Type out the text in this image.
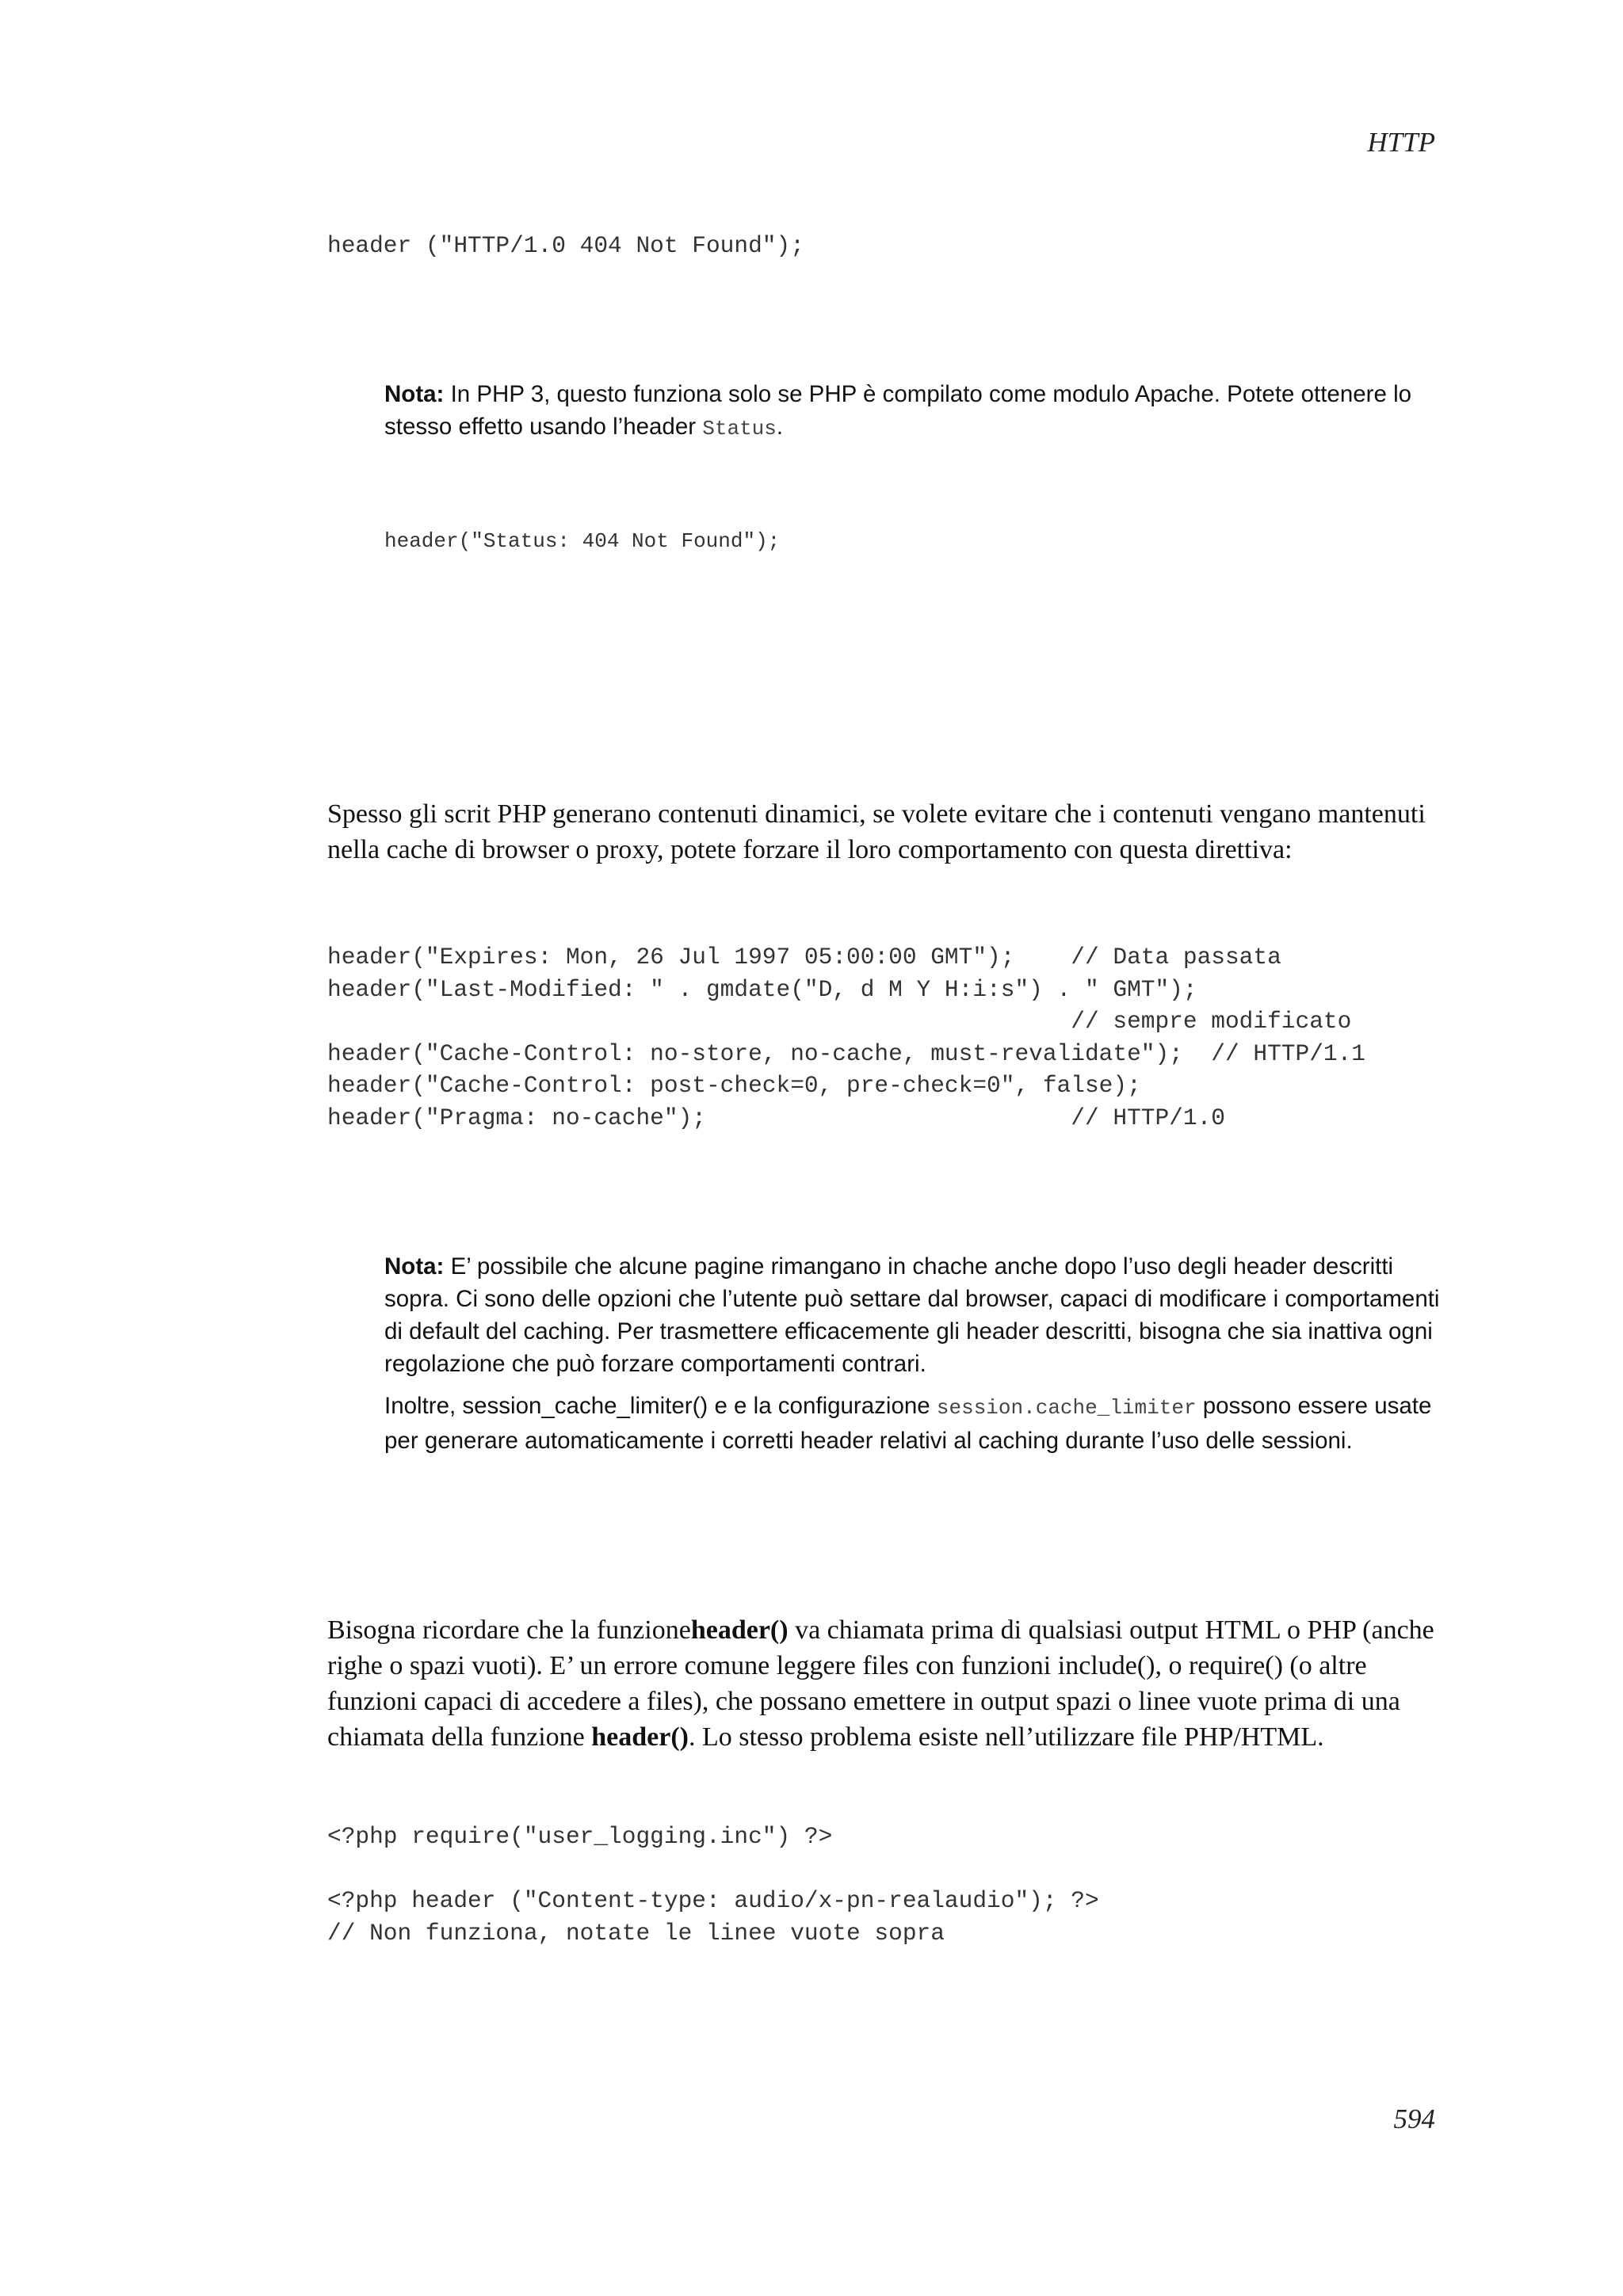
HTTP
header ("HTTP/1.0 404 Not Found");

Nota: In PHP 3, questo funziona solo se PHP è compilato come modulo Apache. Potete ottenere lo stesso effetto usando l’header Status.

header("Status: 404 Not Found");

Spesso gli scrit PHP generano contenuti dinamici, se volete evitare che i contenuti vengano mantenuti nella cache di browser o proxy, potete forzare il loro comportamento con questa direttiva:

header("Expires: Mon, 26 Jul 1997 05:00:00 GMT");    // Data passata
header("Last-Modified: " . gmdate("D, d M Y H:i:s") . " GMT");
// sempre modificato
header("Cache-Control: no-store, no-cache, must-revalidate");  // HTTP/1.1
header("Cache-Control: post-check=0, pre-check=0", false);
header("Pragma: no-cache");                          // HTTP/1.0

Nota: E’ possibile che alcune pagine rimangano in chache anche dopo l’uso degli header descritti sopra. Ci sono delle opzioni che l’utente può settare dal browser, capaci di modificare i comportamenti di default del caching. Per trasmettere efficacemente gli header descritti, bisogna che sia inattiva ogni regolazione che può forzare comportamenti contrari.

Inoltre, session_cache_limiter() e e la configurazione session.cache_limiter possono essere usate per generare automaticamente i corretti header relativi al caching durante l’uso delle sessioni.

Bisogna ricordare che la funzioneheader() va chiamata prima di qualsiasi output HTML o PHP (anche righe o spazi vuoti). E’ un errore comune leggere files con funzioni include(), o require() (o altre funzioni capaci di accedere a files), che possano emettere in output spazi o linee vuote prima di una chiamata della funzione header(). Lo stesso problema esiste nell’utilizzare file PHP/HTML.

<?php require("user_logging.inc") ?>

<?php header ("Content-type: audio/x-pn-realaudio"); ?>
// Non funziona, notate le linee vuote sopra
594
